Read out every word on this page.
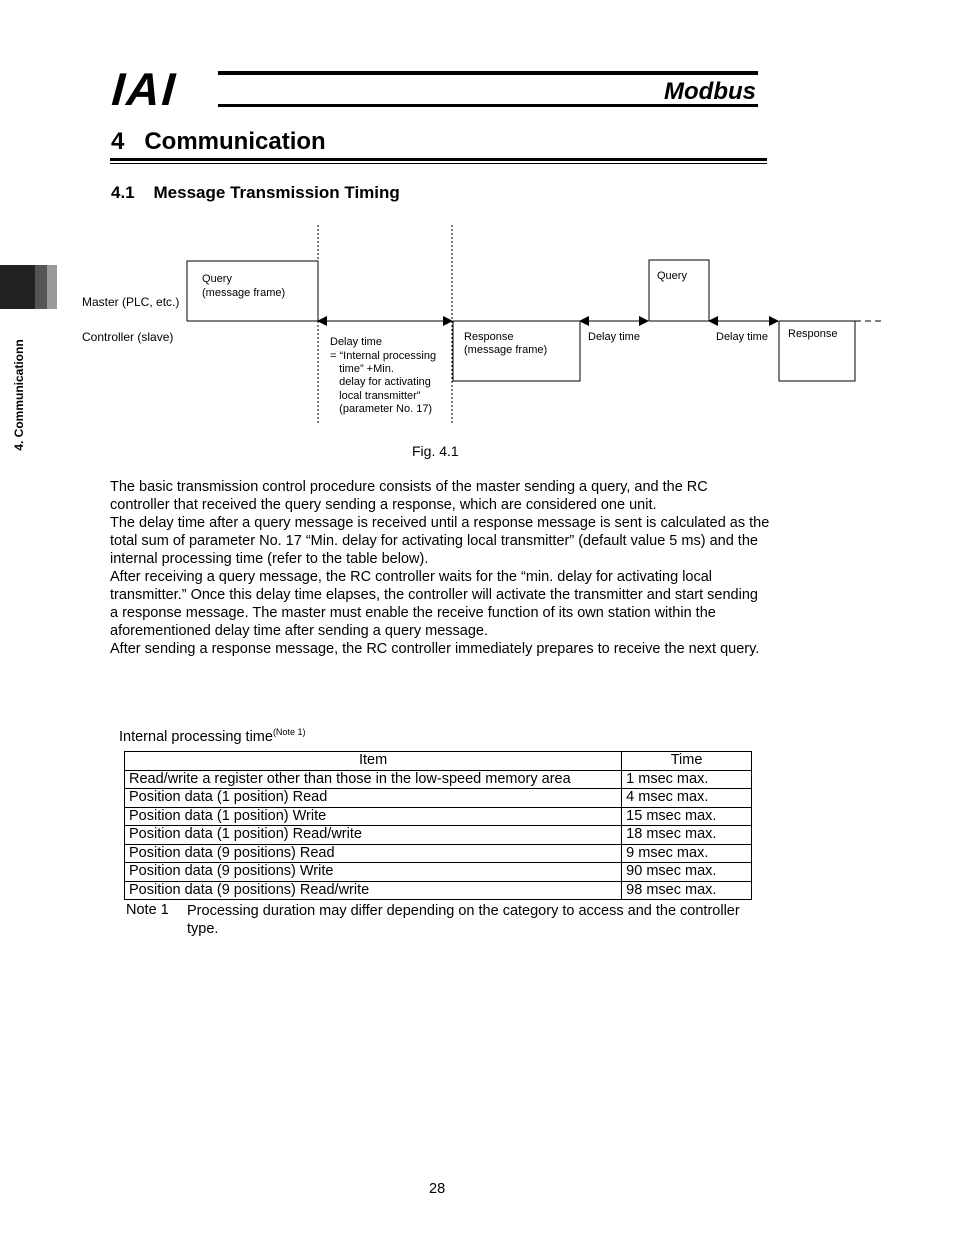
IAI	Modbus
4. Communicationn
4   Communication
4.1    Message Transmission Timing
Master (PLC, etc.)
Controller (slave)
Query
(message frame)
Delay time
= “Internal processing
time” +Min.
delay for activating
local transmitter”
(parameter No. 17)
Response
(message frame)
Delay time
Query
Delay time Response
Fig. 4.1

The basic transmission control procedure consists of the master sending a query, and the RC controller that received the query sending a response, which are considered one unit.

The delay time after a query message is received until a response message is sent is calculated as the total sum of parameter No. 17 “Min. delay for activating local transmitter” (default value 5 ms) and the internal processing time (refer to the table below).

After receiving a query message, the RC controller waits for the “min. delay for activating local transmitter.” Once this delay time elapses, the controller will activate the transmitter and start sending a response message. The master must enable the receive function of its own station within the aforementioned delay time after sending a query message.

After sending a response message, the RC controller immediately prepares to receive the next query.

Internal processing time$^{(Note 1)}$
Item	Time
Read/write a register other than those in the low-speed memory area	1 msec max.
Position data (1 position) Read	4 msec max.
Position data (1 position) Write	15 msec max.
Position data (1 position) Read/write	18 msec max.
Position data (9 positions) Read	9 msec max.
Position data (9 positions) Write	90 msec max.
Position data (9 positions) Read/write	98 msec max.
Note 1 Processing duration may differ depending on the category to access and the controller type.
28
